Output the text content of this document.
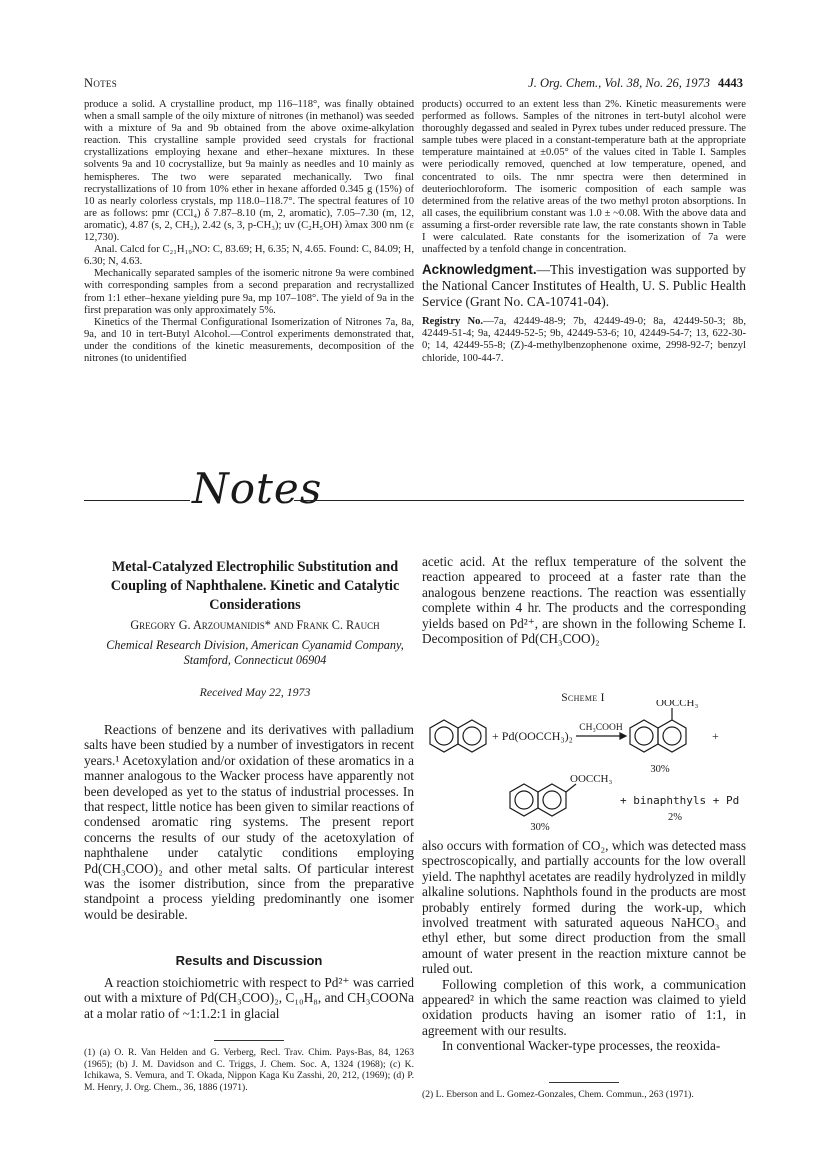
Notes	J. Org. Chem., Vol. 38, No. 26, 1973 4443

produce a solid. A crystalline product, mp 116–118°, was finally obtained when a small sample of the oily mixture of nitrones (in methanol) was seeded with a mixture of 9a and 9b obtained from the above oxime-alkylation reaction. This crystalline sample provided seed crystals for fractional crystallizations employing hexane and ether–hexane mixtures. In these solvents 9a and 10 cocrystallize, but 9a mainly as needles and 10 mainly as hemispheres. The two were separated mechanically. Two final recrystallizations of 10 from 10% ether in hexane afforded 0.345 g (15%) of 10 as nearly colorless crystals, mp 118.0–118.7°. The spectral features of 10 are as follows: pmr (CCl₄) δ 7.87–8.10 (m, 2, aromatic), 7.05–7.30 (m, 12, aromatic), 4.87 (s, 2, CH₂), 2.42 (s, 3, p-CH₃); uv (C₂H₅OH) λmax 300 nm (ε 12,730).

Anal. Calcd for C₂₁H₁₉NO: C, 83.69; H, 6.35; N, 4.65. Found: C, 84.09; H, 6.30; N, 4.63.

Mechanically separated samples of the isomeric nitrone 9a were combined with corresponding samples from a second preparation and recrystallized from 1:1 ether–hexane yielding pure 9a, mp 107–108°. The yield of 9a in the first preparation was only approximately 5%.

Kinetics of the Thermal Configurational Isomerization of Nitrones 7a, 8a, 9a, and 10 in tert-Butyl Alcohol.—Control experiments demonstrated that, under the conditions of the kinetic measurements, decomposition of the nitrones (to unidentified

products) occurred to an extent less than 2%. Kinetic measurements were performed as follows. Samples of the nitrones in tert-butyl alcohol were thoroughly degassed and sealed in Pyrex tubes under reduced pressure. The sample tubes were placed in a constant-temperature bath at the appropriate temperature maintained at ±0.05° of the values cited in Table I. Samples were periodically removed, quenched at low temperature, opened, and concentrated to oils. The nmr spectra were then determined in deuteriochloroform. The isomeric composition of each sample was determined from the relative areas of the two methyl proton absorptions. In all cases, the equilibrium constant was 1.0 ± ~0.08. With the above data and assuming a first-order reversible rate law, the rate constants shown in Table I were calculated. Rate constants for the isomerization of 7a were unaffected by a tenfold change in concentration.

Acknowledgment.—This investigation was supported by the National Cancer Institutes of Health, U. S. Public Health Service (Grant No. CA-10741-04).
Registry No.—7a, 42449-48-9; 7b, 42449-49-0; 8a, 42449-50-3; 8b, 42449-51-4; 9a, 42449-52-5; 9b, 42449-53-6; 10, 42449-54-7; 13, 622-30-0; 14, 42449-55-8; (Z)-4-methylbenzophenone oxime, 2998-92-7; benzyl chloride, 100-44-7.
Notes
Metal-Catalyzed Electrophilic Substitution and Coupling of Naphthalene. Kinetic and Catalytic Considerations
Gregory G. Arzoumanidis* and Frank C. Rauch
Chemical Research Division, American Cyanamid Company, Stamford, Connecticut 06904
Received May 22, 1973

Reactions of benzene and its derivatives with palladium salts have been studied by a number of investigators in recent years.¹ Acetoxylation and/or oxidation of these aromatics in a manner analogous to the Wacker process have apparently not been developed as yet to the status of industrial processes. In that respect, little notice has been given to similar reactions of condensed aromatic ring systems. The present report concerns the results of our study of the acetoxylation of naphthalene under catalytic conditions employing Pd(CH₃COO)₂ and other metal salts. Of particular interest was the isomer distribution, since from the preparative standpoint a process yielding predominantly one isomer would be desirable.

Results and Discussion

A reaction stoichiometric with respect to Pd²⁺ was carried out with a mixture of Pd(CH₃COO)₂, C₁₀H₈, and CH₃COONa at a molar ratio of ~1:1.2:1 in glacial

(1) (a) O. R. Van Helden and G. Verberg, Recl. Trav. Chim. Pays-Bas, 84, 1263 (1965); (b) J. M. Davidson and C. Triggs, J. Chem. Soc. A, 1324 (1968); (c) K. Ichikawa, S. Vemura, and T. Okada, Nippon Kaga Ku Zasshi, 20, 212, (1969); (d) P. M. Henry, J. Org. Chem., 36, 1886 (1971).

acetic acid. At the reflux temperature of the solvent the reaction appeared to proceed at a faster rate than the analogous benzene reactions. The reaction was essentially complete within 4 hr. The products and the corresponding yields based on Pd²⁺, are shown in the following Scheme I. Decomposition of Pd(CH₃COO)₂

Scheme I
+ Pd(OOCCH₃)₂
CH₃COOH
OOCCH₃
30%
+
OOCCH₃
30%
+ binaphthyls + Pd
2%

also occurs with formation of CO₂, which was detected mass spectroscopically, and partially accounts for the low overall yield. The naphthyl acetates are readily hydrolyzed in mildly alkaline solutions. Naphthols found in the products are most probably entirely formed during the work-up, which involved treatment with saturated aqueous NaHCO₃ and ethyl ether, but some direct production from the small amount of water present in the reaction mixture cannot be ruled out.

Following completion of this work, a communication appeared² in which the same reaction was claimed to yield oxidation products having an isomer ratio of 1:1, in agreement with our results.

In conventional Wacker-type processes, the reoxida-

(2) L. Eberson and L. Gomez-Gonzales, Chem. Commun., 263 (1971).
